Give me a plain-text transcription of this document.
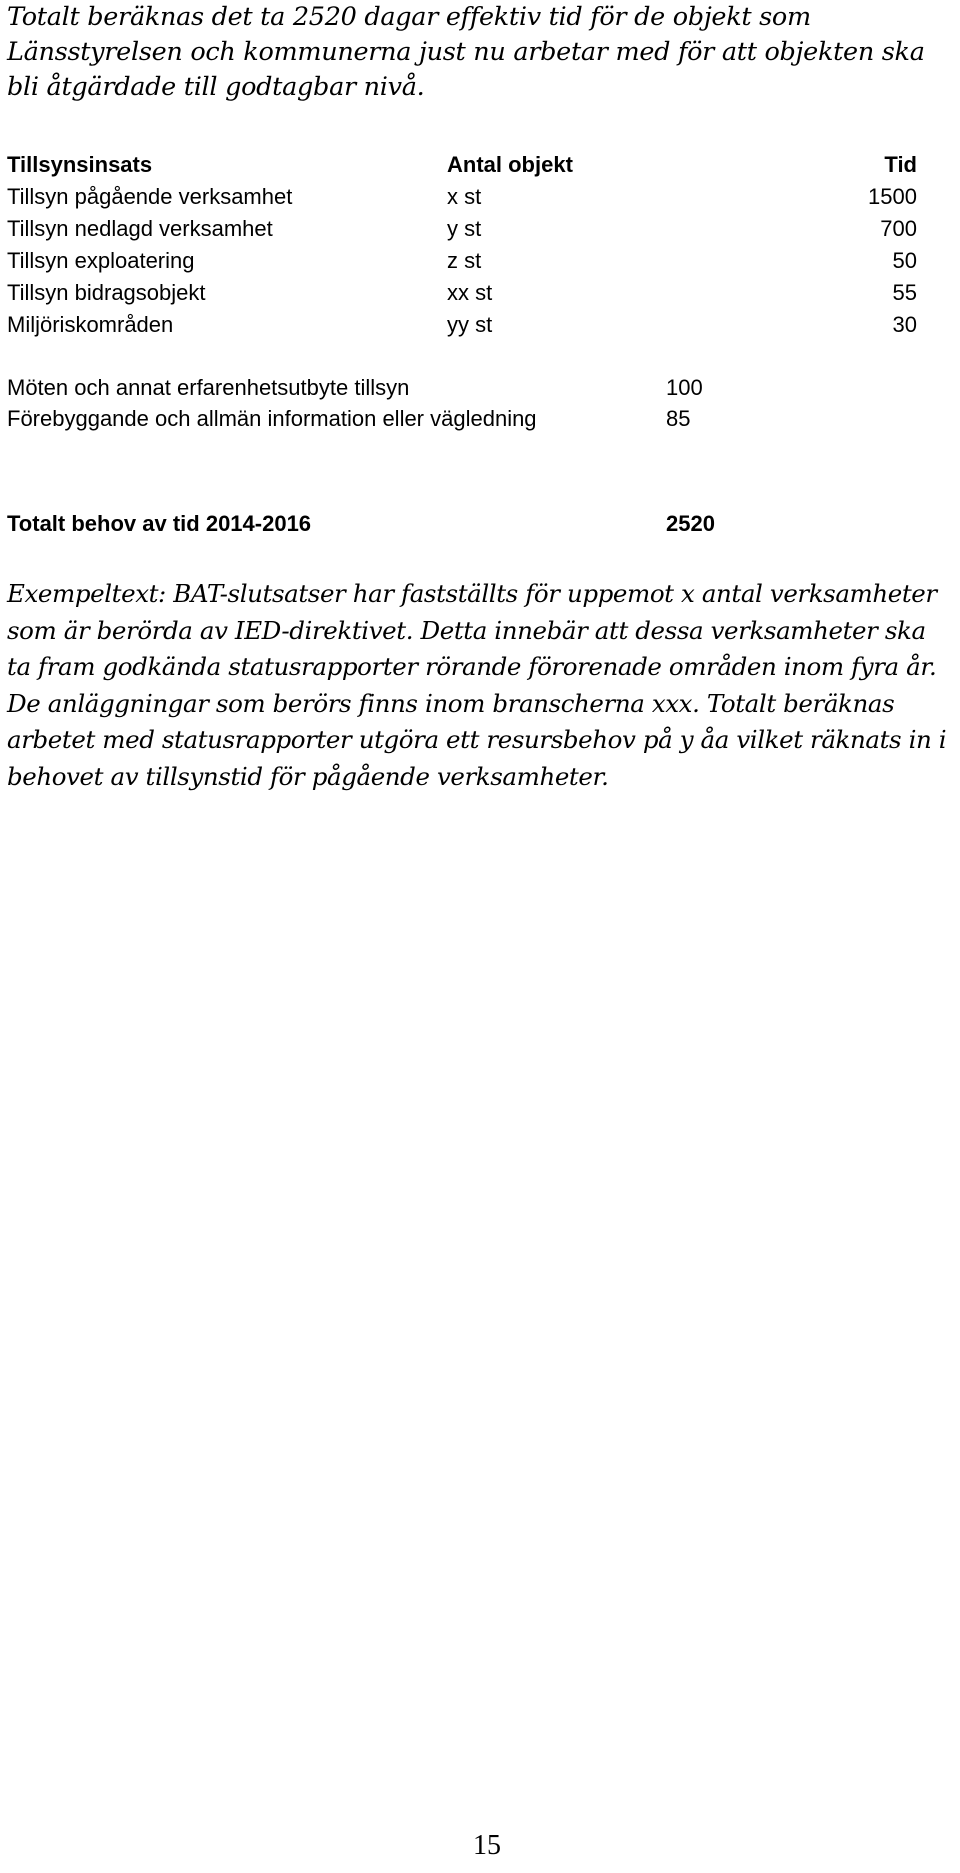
Totalt beräknas det ta 2520 dagar effektiv tid för de objekt som Länsstyrelsen och kommunerna just nu arbetar med för att objekten ska bli åtgärdade till godtagbar nivå.

Tillsynsinsats	Antal objekt	Tid
Tillsyn pågående verksamhet	x st	1500
Tillsyn nedlagd verksamhet	y st	700
Tillsyn exploatering	z st	50
Tillsyn bidragsobjekt	xx st	55
Miljöriskområden	yy st	30
Möten och annat erfarenhetsutbyte tillsyn	100
Förebyggande och allmän information eller vägledning	85
Totalt behov av tid 2014-2016	2520

Exempeltext: BAT-slutsatser har fastställts för uppemot x antal verksamheter som är berörda av IED-direktivet. Detta innebär att dessa verksamheter ska ta fram godkända statusrapporter rörande förorenade områden inom fyra år. De anläggningar som berörs finns inom branscherna xxx. Totalt beräknas arbetet med statusrapporter utgöra ett resursbehov på y åa vilket räknats in i behovet av tillsynstid för pågående verksamheter.

15
